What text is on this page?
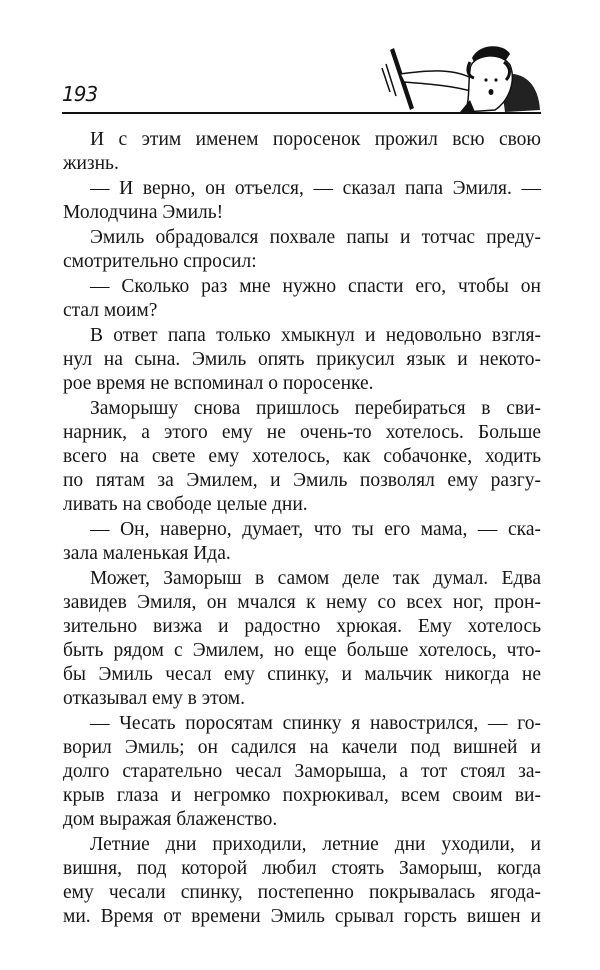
193
И с этим именем поросенок прожил всю свою
жизнь.
— И верно, он отъелся, — сказал папа Эмиля. —
Молодчина Эмиль!
Эмиль обрадовался похвале папы и тотчас преду-
смотрительно спросил:
— Сколько раз мне нужно спасти его, чтобы он
стал моим?
В ответ папа только хмыкнул и недовольно взгля-
нул на сына. Эмиль опять прикусил язык и некото-
рое время не вспоминал о поросенке.
Заморышу снова пришлось перебираться в сви-
нарник, а этого ему не очень-то хотелось. Больше
всего на свете ему хотелось, как собачонке, ходить
по пятам за Эмилем, и Эмиль позволял ему разгу-
ливать на свободе целые дни.
— Он, наверно, думает, что ты его мама, — ска-
зала маленькая Ида.
Может, Заморыш в самом деле так думал. Едва
завидев Эмиля, он мчался к нему со всех ног, прон-
зительно визжа и радостно хрюкая. Ему хотелось
быть рядом с Эмилем, но еще больше хотелось, что-
бы Эмиль чесал ему спинку, и мальчик никогда не
отказывал ему в этом.
— Чесать поросятам спинку я навострился, — го-
ворил Эмиль; он садился на качели под вишней и
долго старательно чесал Заморыша, а тот стоял за-
крыв глаза и негромко похрюкивал, всем своим ви-
дом выражая блаженство.
Летние дни приходили, летние дни уходили, и
вишня, под которой любил стоять Заморыш, когда
ему чесали спинку, постепенно покрывалась ягода-
ми. Время от времени Эмиль срывал горсть вишен и
